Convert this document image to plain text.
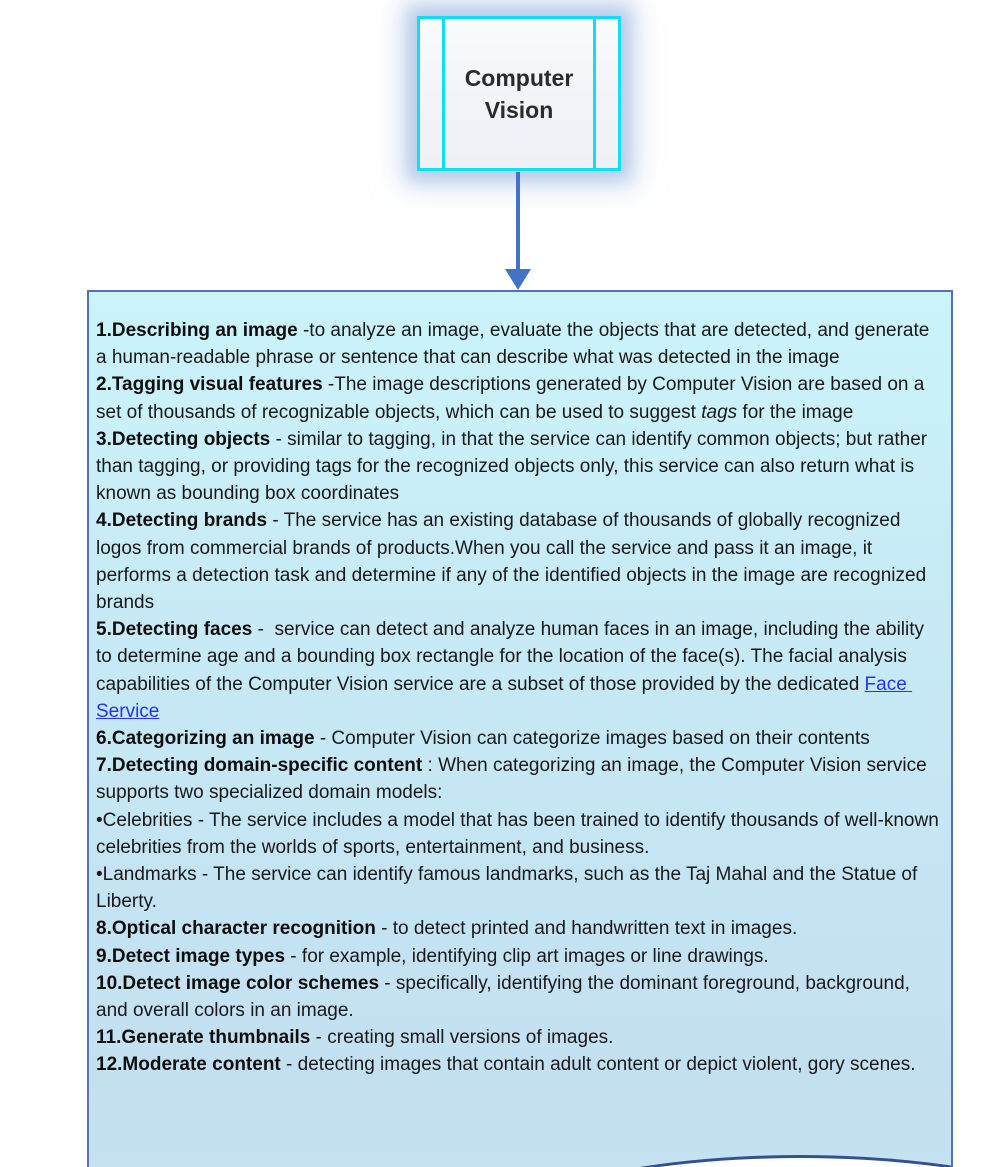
Computer Vision

1.Describing an image -to analyze an image, evaluate the objects that are detected, and generate a human-readable phrase or sentence that can describe what was detected in the image

2.Tagging visual features -The image descriptions generated by Computer Vision are based on a set of thousands of recognizable objects, which can be used to suggest tags for the image

3.Detecting objects - similar to tagging, in that the service can identify common objects; but rather than tagging, or providing tags for the recognized objects only, this service can also return what is known as bounding box coordinates

4.Detecting brands - The service has an existing database of thousands of globally recognized logos from commercial brands of products.When you call the service and pass it an image, it performs a detection task and determine if any of the identified objects in the image are recognized brands

5.Detecting faces -  service can detect and analyze human faces in an image, including the ability to determine age and a bounding box rectangle for the location of the face(s). The facial analysis capabilities of the Computer Vision service are a subset of those provided by the dedicated Face Service

6.Categorizing an image - Computer Vision can categorize images based on their contents

7.Detecting domain-specific content : When categorizing an image, the Computer Vision service supports two specialized domain models:

•Celebrities - The service includes a model that has been trained to identify thousands of well-known celebrities from the worlds of sports, entertainment, and business.

•Landmarks - The service can identify famous landmarks, such as the Taj Mahal and the Statue of Liberty.

8.Optical character recognition - to detect printed and handwritten text in images.

9.Detect image types - for example, identifying clip art images or line drawings.

10.Detect image color schemes - specifically, identifying the dominant foreground, background, and overall colors in an image.

11.Generate thumbnails - creating small versions of images.

12.Moderate content - detecting images that contain adult content or depict violent, gory scenes.
